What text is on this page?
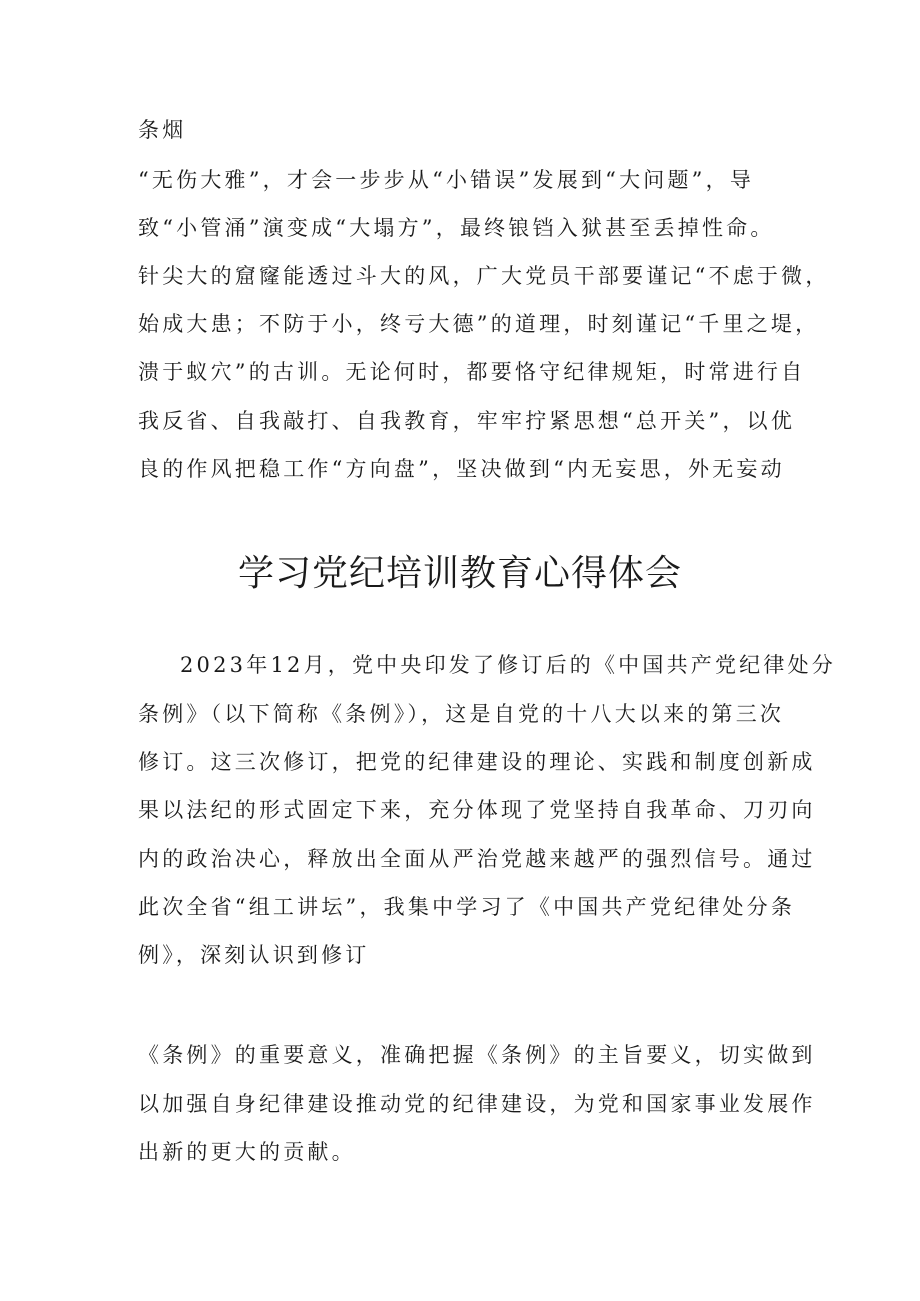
条烟
“无伤大雅”，才会一步步从“小错误”发展到“大问题”，导
致“小管涌”演变成“大塌方”，最终锒铛入狱甚至丢掉性命。
针尖大的窟窿能透过斗大的风，广大党员干部要谨记“不虑于微，
始成大患；不防于小，终亏大德”的道理，时刻谨记“千里之堤，
溃于蚁穴”的古训。无论何时，都要恪守纪律规矩，时常进行自
我反省、自我敲打、自我教育，牢牢拧紧思想“总开关”，以优
良的作风把稳工作“方向盘”，坚决做到“内无妄思，外无妄动
学习党纪培训教育心得体会
2023年12月，党中央印发了修订后的《中国共产党纪律处分
条例》（以下简称《条例》），这是自党的十八大以来的第三次
修订。这三次修订，把党的纪律建设的理论、实践和制度创新成
果以法纪的形式固定下来，充分体现了党坚持自我革命、刀刃向
内的政治决心，释放出全面从严治党越来越严的强烈信号。通过
此次全省“组工讲坛”，我集中学习了《中国共产党纪律处分条
例》，深刻认识到修订
《条例》的重要意义，准确把握《条例》的主旨要义，切实做到
以加强自身纪律建设推动党的纪律建设，为党和国家事业发展作
出新的更大的贡献。
